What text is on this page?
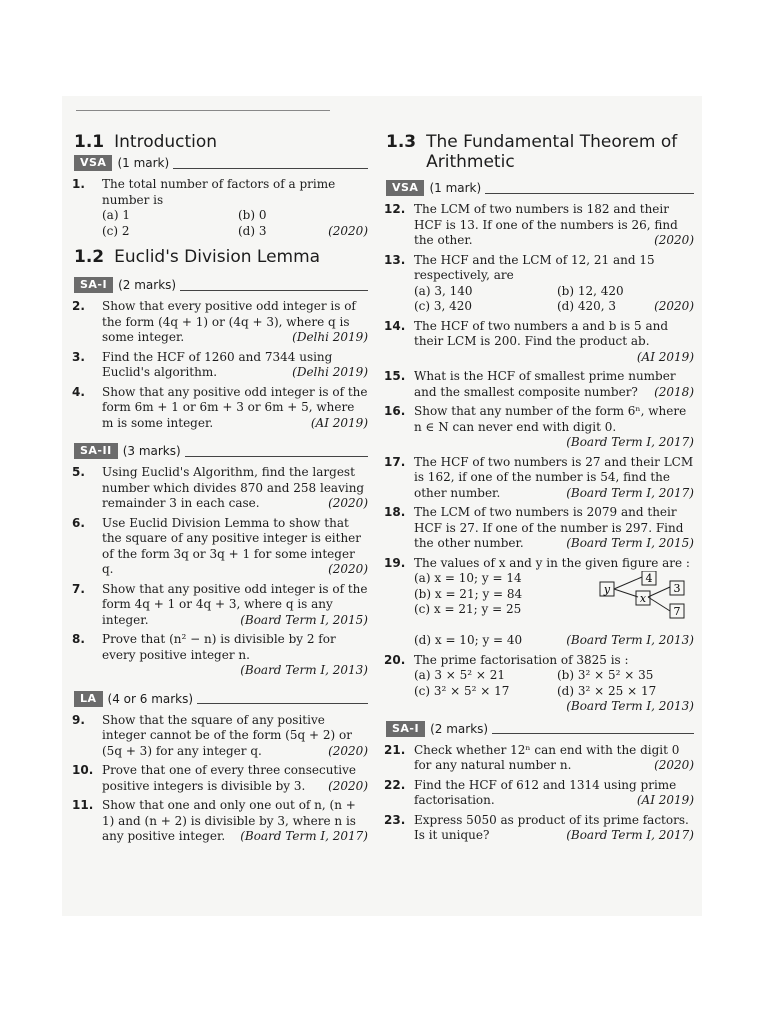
1.1 Introduction
VSA (1 mark)
1.	The total number of factors of a prime number is
(a) 1	(b) 0
(c) 2	(d) 3	(2020)
1.2 Euclid's Division Lemma
SA-I (2 marks)
2.	Show that every positive odd integer is of the form (4q + 1) or (4q + 3), where q is some integer.	(Delhi 2019)
3.	Find the HCF of 1260 and 7344 using Euclid's algorithm.	(Delhi 2019)
4.	Show that any positive odd integer is of the form 6m + 1 or 6m + 3 or 6m + 5, where m is some integer.	(AI 2019)
SA-II (3 marks)
5.	Using Euclid's Algorithm, find the largest number which divides 870 and 258 leaving remainder 3 in each case.	(2020)
6.	Use Euclid Division Lemma to show that the square of any positive integer is either of the form 3q or 3q + 1 for some integer q.	(2020)
7.	Show that any positive odd integer is of the form 4q + 1 or 4q + 3, where q is any integer.	(Board Term I, 2015)
8.	Prove that (n² − n) is divisible by 2 for every positive integer n.
(Board Term I, 2013)
LA (4 or 6 marks)
9.	Show that the square of any positive integer cannot be of the form (5q + 2) or (5q + 3) for any integer q.	(2020)
10. Prove that one of every three consecutive positive integers is divisible by 3. (2020)
11. Show that one and only one out of n, (n + 1) and (n + 2) is divisible by 3, where n is any positive integer. (Board Term I, 2017)
1.3 The Fundamental Theorem of Arithmetic
VSA (1 mark)
12. The LCM of two numbers is 182 and their HCF is 13. If one of the numbers is 26, find the other.	(2020)
13. The HCF and the LCM of 12, 21 and 15 respectively, are
(a) 3, 140	(b) 12, 420
(c) 3, 420	(d) 420, 3	(2020)
14. The HCF of two numbers a and b is 5 and their LCM is 200. Find the product ab.
(AI 2019)
15. What is the HCF of smallest prime number and the smallest composite number? (2018)
16. Show that any number of the form 6ⁿ, where n ∈ N can never end with digit 0.
(Board Term I, 2017)
17. The HCF of two numbers is 27 and their LCM is 162, if one of the number is 54, find the other number.	(Board Term I, 2017)
18. The LCM of two numbers is 2079 and their HCF is 27. If one of the number is 297. Find the other number.	(Board Term I, 2015)
19. The values of x and y in the given figure are :
(a) x = 10; y = 14
(b) x = 21; y = 84
(c) x = 21; y = 25
y
4
x
3
7
(d) x = 10; y = 40	(Board Term I, 2013)
20. The prime factorisation of 3825 is :
(a) 3 × 5² × 21	(b) 3² × 5² × 35
(c) 3² × 5² × 17	(d) 3² × 25 × 17
(Board Term I, 2013)
SA-I (2 marks)
21. Check whether 12ⁿ can end with the digit 0 for any natural number n.	(2020)
22. Find the HCF of 612 and 1314 using prime factorisation.	(AI 2019)
23. Express 5050 as product of its prime factors. Is it unique?	(Board Term I, 2017)
